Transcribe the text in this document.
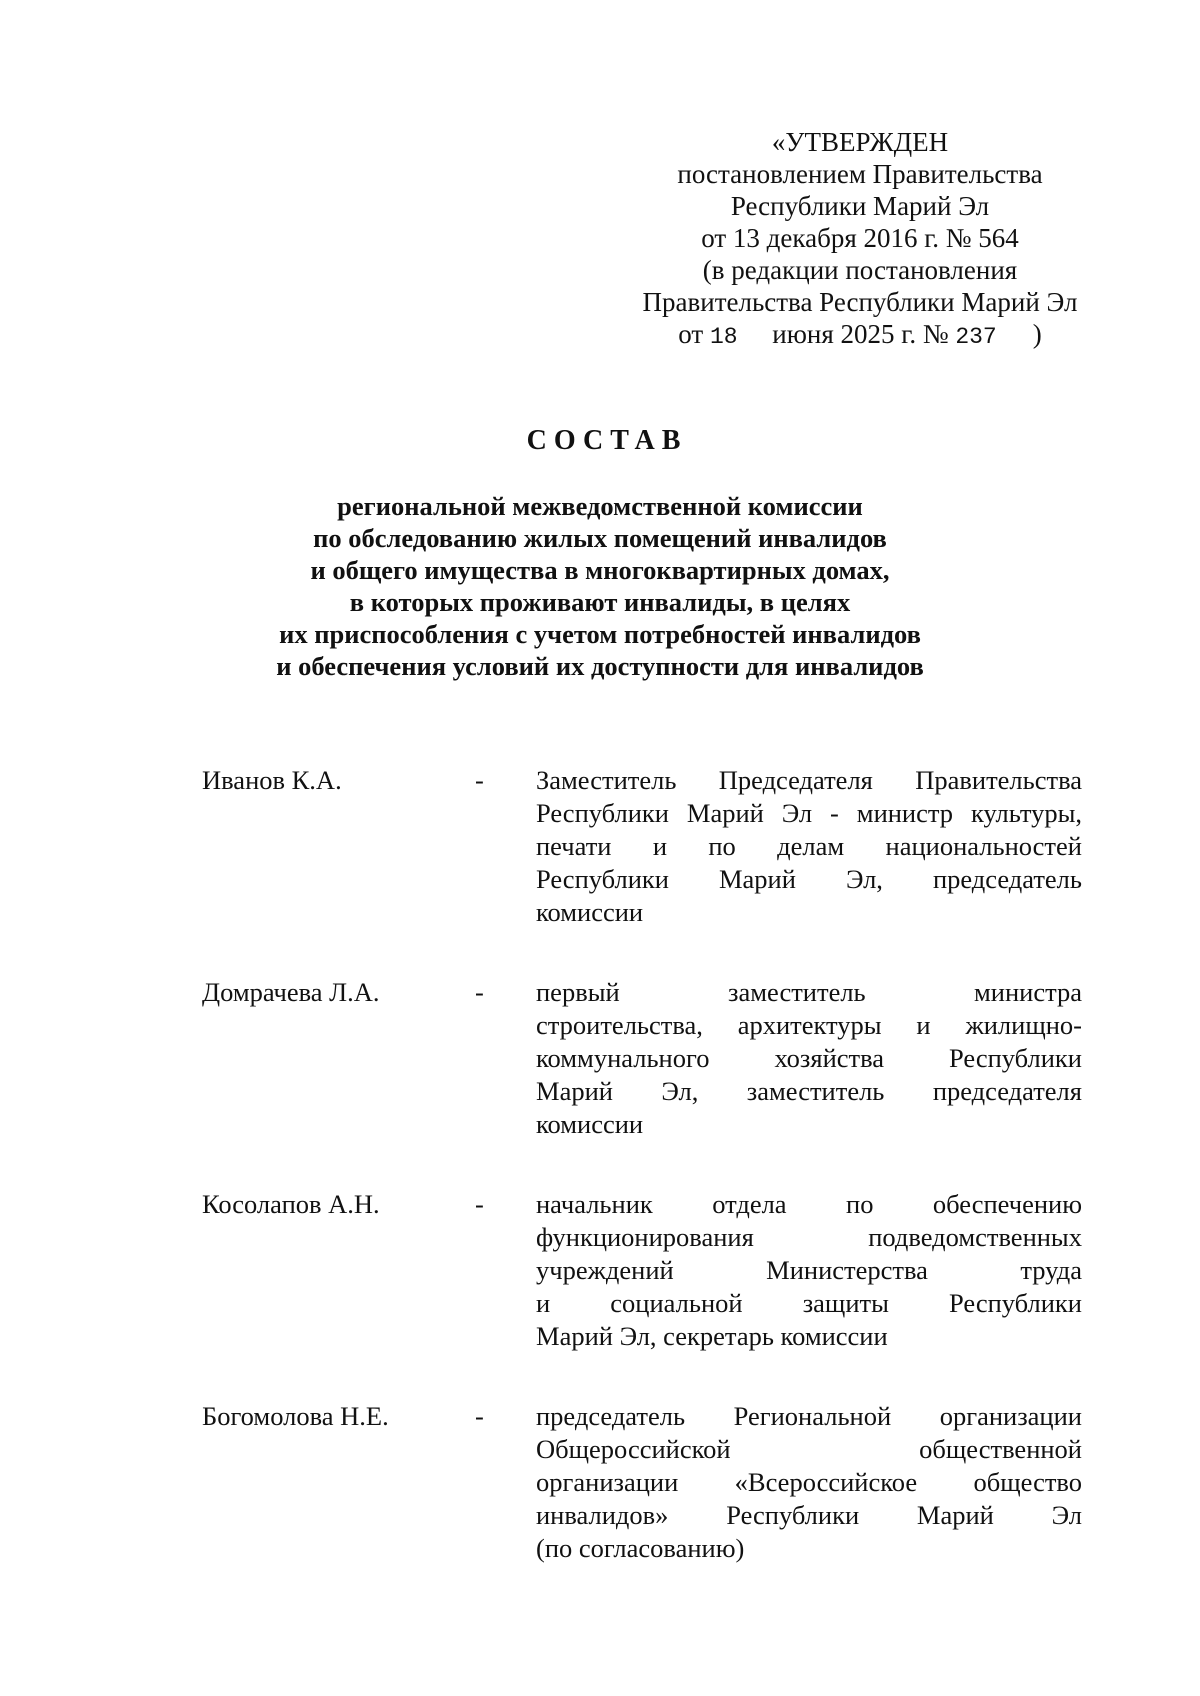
«УТВЕРЖДЕН
постановлением Правительства
Республики Марий Эл
от 13 декабря 2016 г. № 564
(в редакции постановления
Правительства Республики Марий Эл
от 18 июня 2025 г. № 237 )
СОСТАВ
региональной межведомственной комиссии
по обследованию жилых помещений инвалидов
и общего имущества в многоквартирных домах,
в которых проживают инвалиды, в целях
их приспособления с учетом потребностей инвалидов
и обеспечения условий их доступности для инвалидов
Иванов К.А.	- Заместитель Председателя Правительства
Республики Марий Эл - министр культуры,
печати и по делам национальностей
Республики Марий Эл, председатель
комиссии
Домрачева Л.А.	- первый	заместитель	министра
строительства, архитектуры и жилищно-
коммунального хозяйства Республики
Марий Эл, заместитель председателя
комиссии
Косолапов А.Н.	- начальник отдела по обеспечению
функционирования	подведомственных
учреждений	Министерства	труда
и социальной защиты Республики
Марий Эл, секретарь комиссии
Богомолова Н.Е.	- председатель Региональной организации
Общероссийской	общественной
организации «Всероссийское общество
инвалидов» Республики Марий Эл
(по согласованию)
